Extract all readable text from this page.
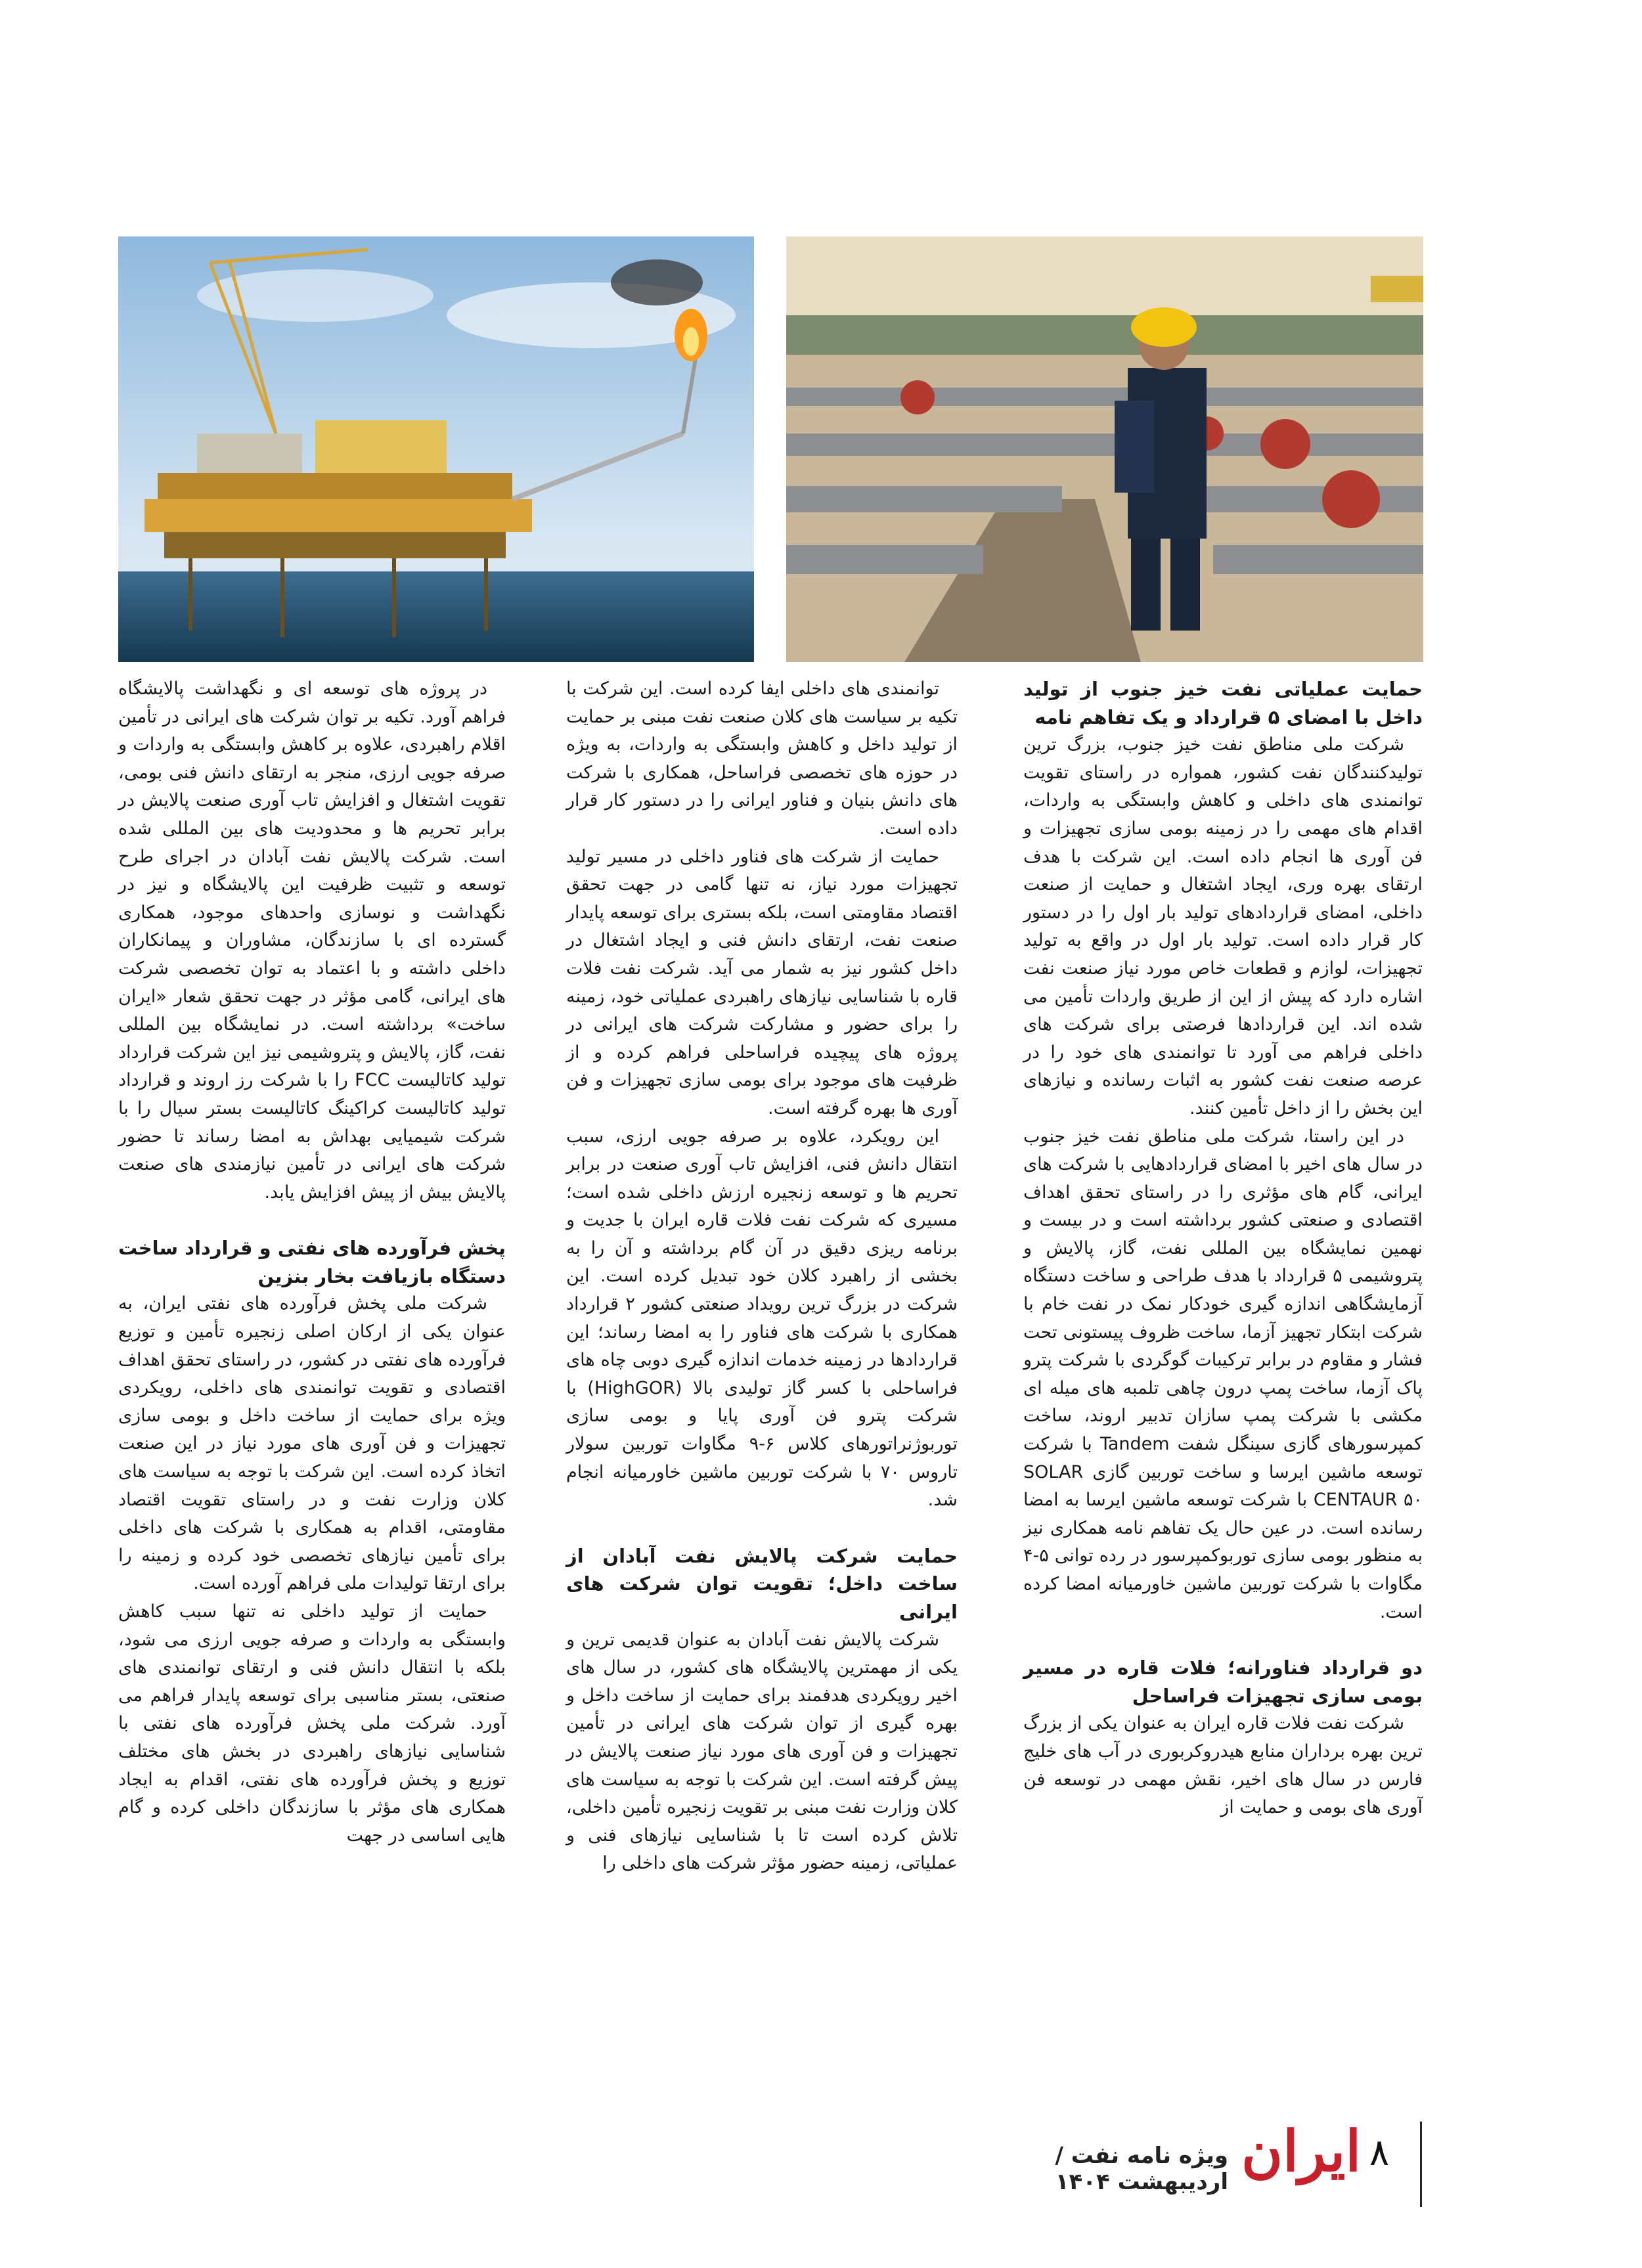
حمایت عملیاتی نفت خیز جنوب از تولید داخل با امضای ۵ قرارداد و یک تفاهم نامه

شرکت ملی مناطق نفت خیز جنوب، بزرگ ترین تولیدکنندگان نفت کشور، همواره در راستای تقویت توانمندی های داخلی و کاهش وابستگی به واردات، اقدام های مهمی را در زمینه بومی سازی تجهیزات و فن آوری ها انجام داده است. این شرکت با هدف ارتقای بهره وری، ایجاد اشتغال و حمایت از صنعت داخلی، امضای قراردادهای تولید بار اول را در دستور کار قرار داده است. تولید بار اول در واقع به تولید تجهیزات، لوازم و قطعات خاص مورد نیاز صنعت نفت اشاره دارد که پیش از این از طریق واردات تأمین می شده اند. این قراردادها فرصتی برای شرکت های داخلی فراهم می آورد تا توانمندی های خود را در عرصه صنعت نفت کشور به اثبات رسانده و نیازهای این بخش را از داخل تأمین کنند.

در این راستا، شرکت ملی مناطق نفت خیز جنوب در سال های اخیر با امضای قراردادهایی با شرکت های ایرانی، گام های مؤثری را در راستای تحقق اهداف اقتصادی و صنعتی کشور برداشته است و در بیست و نهمین نمایشگاه بین المللی نفت، گاز، پالایش و پتروشیمی ۵ قرارداد با هدف طراحی و ساخت دستگاه آزمایشگاهی اندازه گیری خودکار نمک در نفت خام با شرکت ابتکار تجهیز آزما، ساخت ظروف پیستونی تحت فشار و مقاوم در برابر ترکیبات گوگردی با شرکت پترو پاک آزما، ساخت پمپ درون چاهی تلمبه های میله ای مکشی با شرکت پمپ سازان تدبیر اروند، ساخت کمپرسورهای گازی سینگل شفت Tandem با شرکت توسعه ماشین ایرسا و ساخت توربین گازی SOLAR CENTAUR ۵۰ با شرکت توسعه ماشین ایرسا به امضا رسانده است. در عین حال یک تفاهم نامه همکاری نیز به منظور بومی سازی توربوکمپرسور در رده توانی ۵-۴ مگاوات با شرکت توربین ماشین خاورمیانه امضا کرده است.

دو قرارداد فناورانه؛ فلات قاره در مسیر بومی سازی تجهیزات فراساحل

شرکت نفت فلات قاره ایران به عنوان یکی از بزرگ ترین بهره برداران منابع هیدروکربوری در آب های خلیج فارس در سال های اخیر، نقش مهمی در توسعه فن آوری های بومی و حمایت از

توانمندی های داخلی ایفا کرده است. این شرکت با تکیه بر سیاست های کلان صنعت نفت مبنی بر حمایت از تولید داخل و کاهش وابستگی به واردات، به ویژه در حوزه های تخصصی فراساحل، همکاری با شرکت های دانش بنیان و فناور ایرانی را در دستور کار قرار داده است.

حمایت از شرکت های فناور داخلی در مسیر تولید تجهیزات مورد نیاز، نه تنها گامی در جهت تحقق اقتصاد مقاومتی است، بلکه بستری برای توسعه پایدار صنعت نفت، ارتقای دانش فنی و ایجاد اشتغال در داخل کشور نیز به شمار می آید. شرکت نفت فلات قاره با شناسایی نیازهای راهبردی عملیاتی خود، زمینه را برای حضور و مشارکت شرکت های ایرانی در پروژه های پیچیده فراساحلی فراهم کرده و از ظرفیت های موجود برای بومی سازی تجهیزات و فن آوری ها بهره گرفته است.

این رویکرد، علاوه بر صرفه جویی ارزی، سبب انتقال دانش فنی، افزایش تاب آوری صنعت در برابر تحریم ها و توسعه زنجیره ارزش داخلی شده است؛ مسیری که شرکت نفت فلات قاره ایران با جدیت و برنامه ریزی دقیق در آن گام برداشته و آن را به بخشی از راهبرد کلان خود تبدیل کرده است. این شرکت در بزرگ ترین رویداد صنعتی کشور ۲ قرارداد همکاری با شرکت های فناور را به امضا رساند؛ این قراردادها در زمینه خدمات اندازه گیری دوبی چاه های فراساحلی با کسر گاز تولیدی بالا (HighGOR) با شرکت پترو فن آوری پایا و بومی سازی توربوژنراتورهای کلاس ۶-۹ مگاوات توربین سولار تاروس ۷۰ با شرکت توربین ماشین خاورمیانه انجام شد.

حمایت شرکت پالایش نفت آبادان از ساخت داخل؛ تقویت توان شرکت های ایرانی

شرکت پالایش نفت آبادان به عنوان قدیمی ترین و یکی از مهمترین پالایشگاه های کشور، در سال های اخیر رویکردی هدفمند برای حمایت از ساخت داخل و بهره گیری از توان شرکت های ایرانی در تأمین تجهیزات و فن آوری های مورد نیاز صنعت پالایش در پیش گرفته است. این شرکت با توجه به سیاست های کلان وزارت نفت مبنی بر تقویت زنجیره تأمین داخلی، تلاش کرده است تا با شناسایی نیازهای فنی و عملیاتی، زمینه حضور مؤثر شرکت های داخلی را

در پروژه های توسعه ای و نگهداشت پالایشگاه فراهم آورد. تکیه بر توان شرکت های ایرانی در تأمین اقلام راهبردی، علاوه بر کاهش وابستگی به واردات و صرفه جویی ارزی، منجر به ارتقای دانش فنی بومی، تقویت اشتغال و افزایش تاب آوری صنعت پالایش در برابر تحریم ها و محدودیت های بین المللی شده است. شرکت پالایش نفت آبادان در اجرای طرح توسعه و تثبیت ظرفیت این پالایشگاه و نیز در نگهداشت و نوسازی واحدهای موجود، همکاری گسترده ای با سازندگان، مشاوران و پیمانکاران داخلی داشته و با اعتماد به توان تخصصی شرکت های ایرانی، گامی مؤثر در جهت تحقق شعار «ایران ساخت» برداشته است. در نمایشگاه بین المللی نفت، گاز، پالایش و پتروشیمی نیز این شرکت قرارداد تولید کاتالیست FCC را با شرکت رز اروند و قرارداد تولید کاتالیست کراکینگ کاتالیست بستر سیال را با شرکت شیمیایی بهداش به امضا رساند تا حضور شرکت های ایرانی در تأمین نیازمندی های صنعت پالایش بیش از پیش افزایش یابد.

پخش فرآورده های نفتی و قرارداد ساخت دستگاه بازیافت بخار بنزین

شرکت ملی پخش فرآورده های نفتی ایران، به عنوان یکی از ارکان اصلی زنجیره تأمین و توزیع فرآورده های نفتی در کشور، در راستای تحقق اهداف اقتصادی و تقویت توانمندی های داخلی، رویکردی ویژه برای حمایت از ساخت داخل و بومی سازی تجهیزات و فن آوری های مورد نیاز در این صنعت اتخاذ کرده است. این شرکت با توجه به سیاست های کلان وزارت نفت و در راستای تقویت اقتصاد مقاومتی، اقدام به همکاری با شرکت های داخلی برای تأمین نیازهای تخصصی خود کرده و زمینه را برای ارتقا تولیدات ملی فراهم آورده است.

حمایت از تولید داخلی نه تنها سبب کاهش وابستگی به واردات و صرفه جویی ارزی می شود، بلکه با انتقال دانش فنی و ارتقای توانمندی های صنعتی، بستر مناسبی برای توسعه پایدار فراهم می آورد. شرکت ملی پخش فرآورده های نفتی با شناسایی نیازهای راهبردی در بخش های مختلف توزیع و پخش فرآورده های نفتی، اقدام به ایجاد همکاری های مؤثر با سازندگان داخلی کرده و گام هایی اساسی در جهت

۸
ایران
ویژه نامه نفت / اردیبهشت ۱۴۰۴
